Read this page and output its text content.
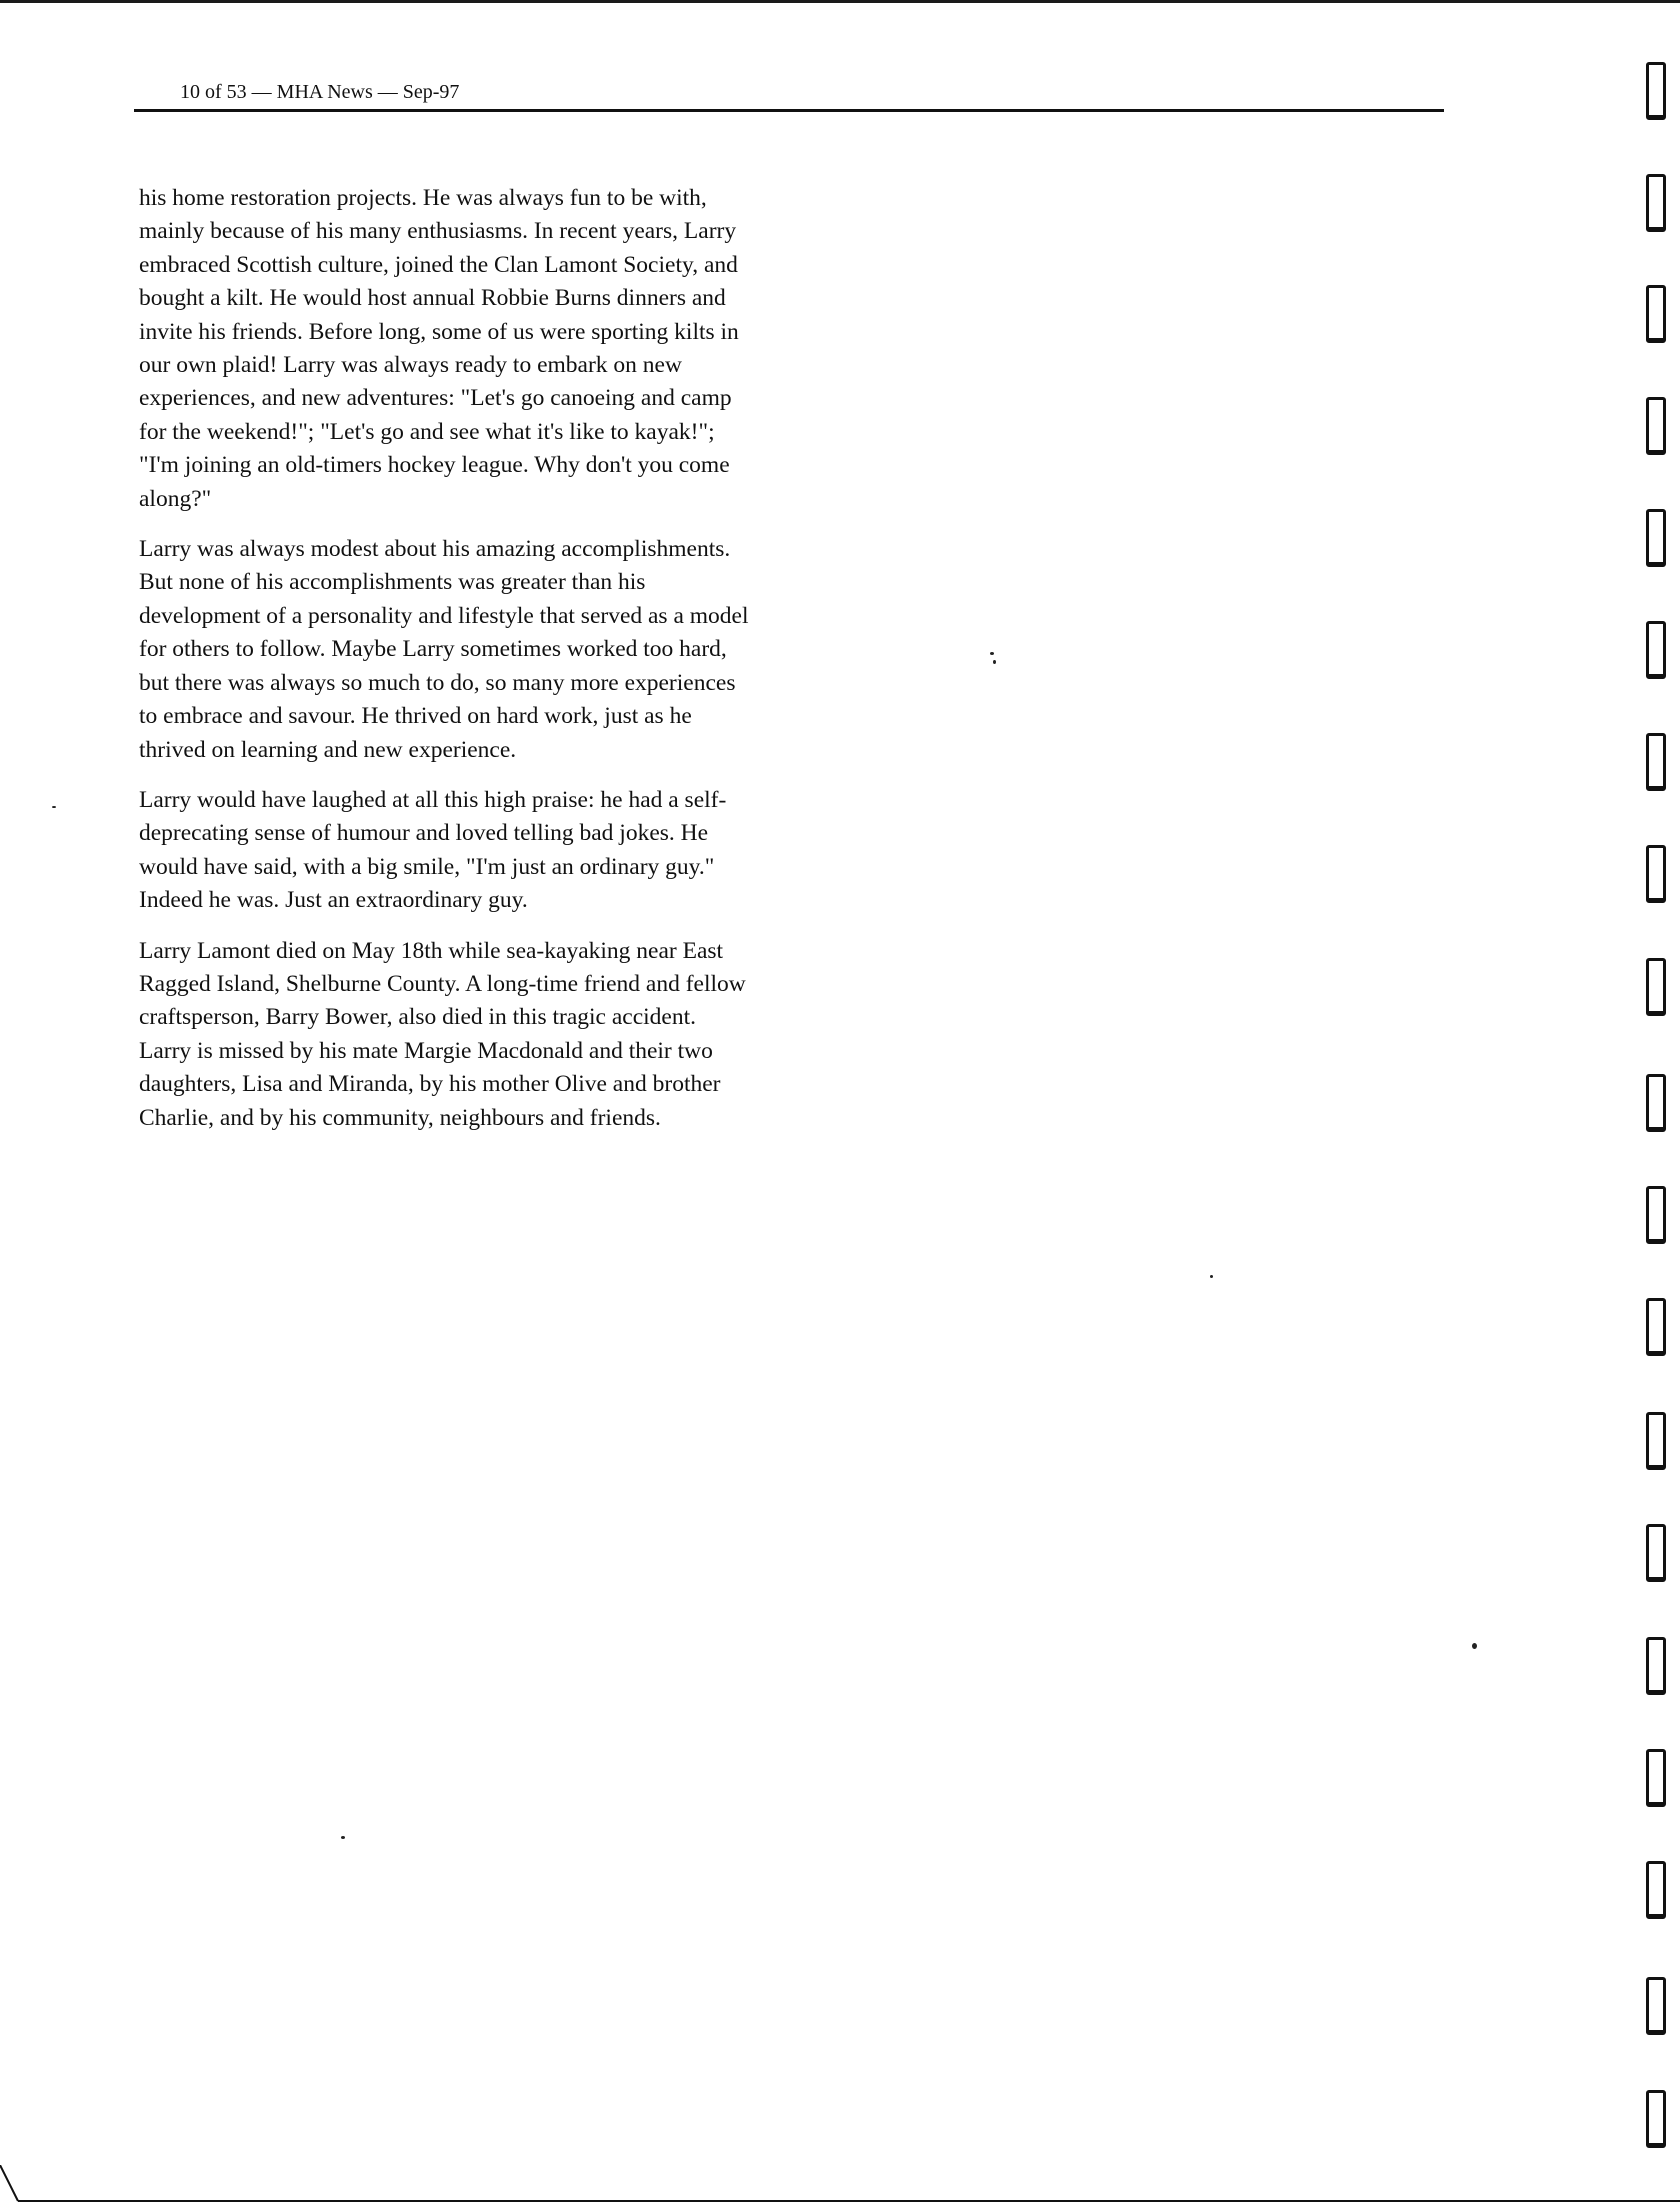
10 of 53 — MHA News — Sep-97

his home restoration projects. He was always fun to be with, mainly because of his many enthusiasms. In recent years, Larry embraced Scottish culture, joined the Clan Lamont Society, and bought a kilt. He would host annual Robbie Burns dinners and invite his friends. Before long, some of us were sporting kilts in our own plaid! Larry was always ready to embark on new experiences, and new adventures: "Let's go canoeing and camp for the weekend!"; "Let's go and see what it's like to kayak!"; "I'm joining an old-timers hockey league. Why don't you come along?"

Larry was always modest about his amazing accomplishments. But none of his accomplishments was greater than his development of a personality and lifestyle that served as a model for others to follow. Maybe Larry sometimes worked too hard, but there was always so much to do, so many more experiences to embrace and savour. He thrived on hard work, just as he thrived on learning and new experience.

Larry would have laughed at all this high praise: he had a self-deprecating sense of humour and loved telling bad jokes. He would have said, with a big smile, "I'm just an ordinary guy." Indeed he was. Just an extraordinary guy.

Larry Lamont died on May 18th while sea-kayaking near East Ragged Island, Shelburne County. A long-time friend and fellow craftsperson, Barry Bower, also died in this tragic accident. Larry is missed by his mate Margie Macdonald and their two daughters, Lisa and Miranda, by his mother Olive and brother Charlie, and by his community, neighbours and friends.
